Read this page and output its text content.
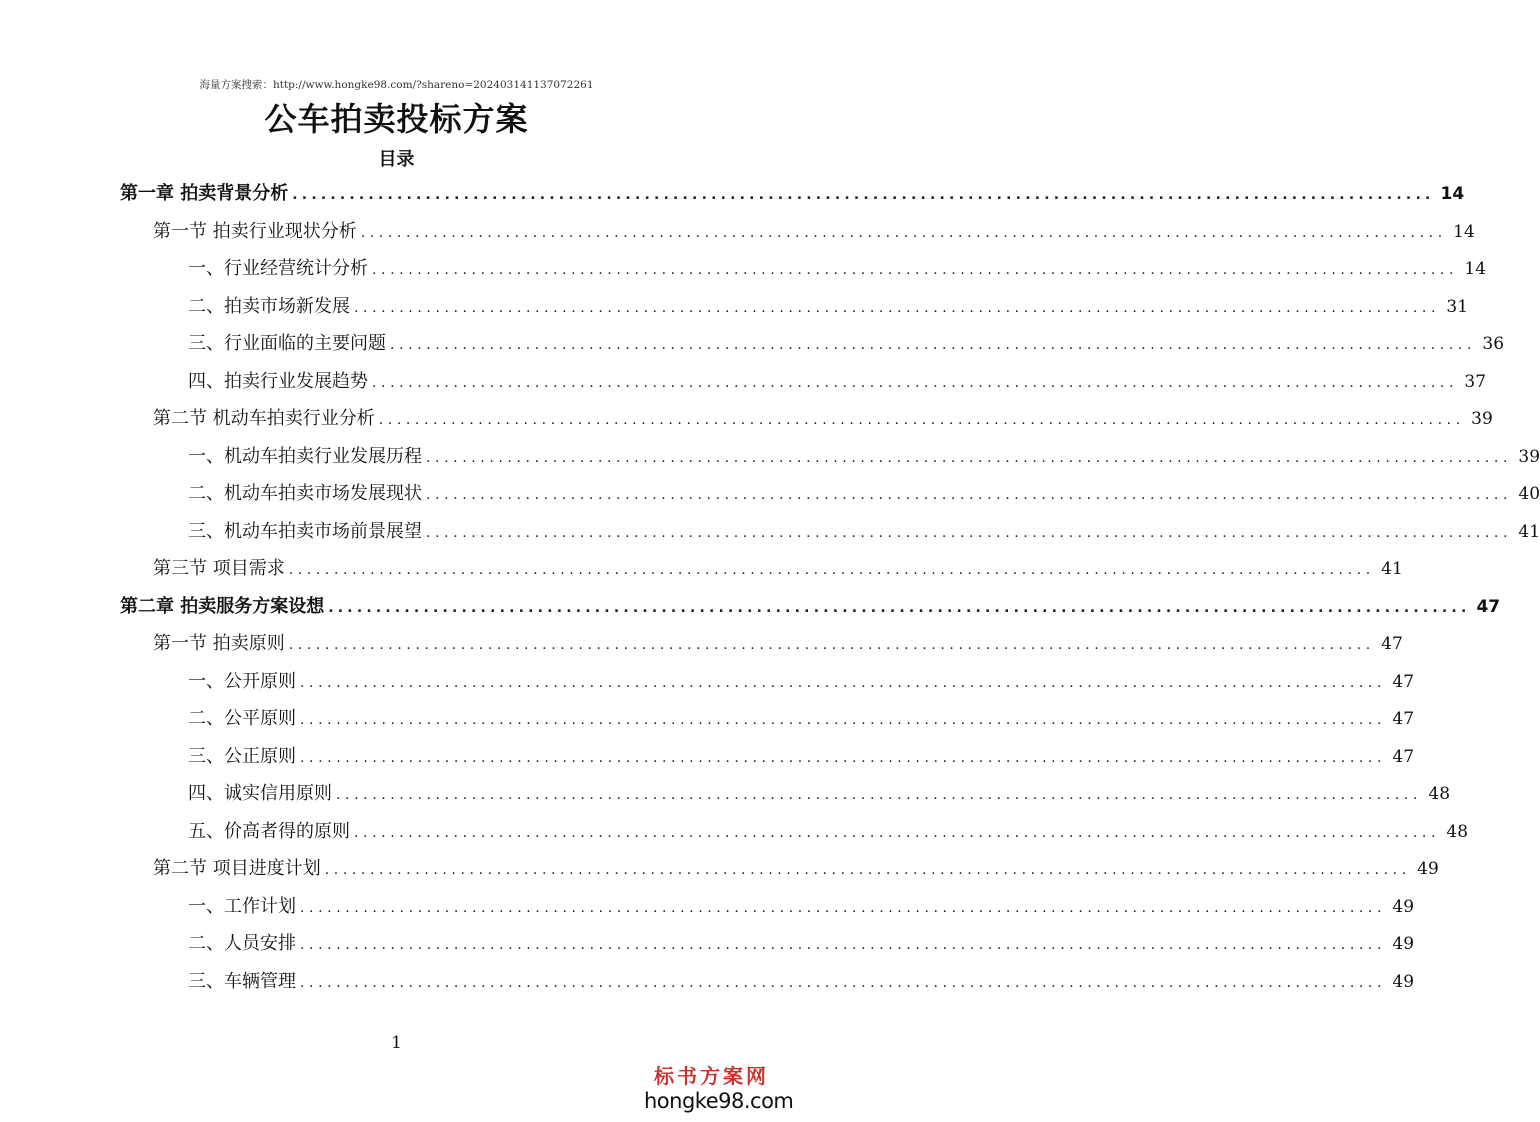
海量方案搜索：http://www.hongke98.com/?shareno=202403141137072261
公车拍卖投标方案
目录
第一章 拍卖背景分析 ........................................................................................................................ 14
第一节 拍卖行业现状分析 ........................................................................................................................ 14
一、行业经营统计分析 ........................................................................................................................ 14
二、拍卖市场新发展 ........................................................................................................................ 31
三、行业面临的主要问题 ........................................................................................................................ 36
四、拍卖行业发展趋势 ........................................................................................................................ 37
第二节 机动车拍卖行业分析 ........................................................................................................................ 39
一、机动车拍卖行业发展历程 ........................................................................................................................ 39
二、机动车拍卖市场发展现状 ........................................................................................................................ 40
三、机动车拍卖市场前景展望 ........................................................................................................................ 41
第三节 项目需求 ........................................................................................................................ 41
第二章 拍卖服务方案设想 ........................................................................................................................ 47
第一节 拍卖原则 ........................................................................................................................ 47
一、公开原则 ........................................................................................................................ 47
二、公平原则 ........................................................................................................................ 47
三、公正原则 ........................................................................................................................ 47
四、诚实信用原则 ........................................................................................................................ 48
五、价高者得的原则 ........................................................................................................................ 48
第二节 项目进度计划 ........................................................................................................................ 49
一、工作计划 ........................................................................................................................ 49
二、人员安排 ........................................................................................................................ 49
三、车辆管理 ........................................................................................................................ 49
1
标书方案网
hongke98.com
